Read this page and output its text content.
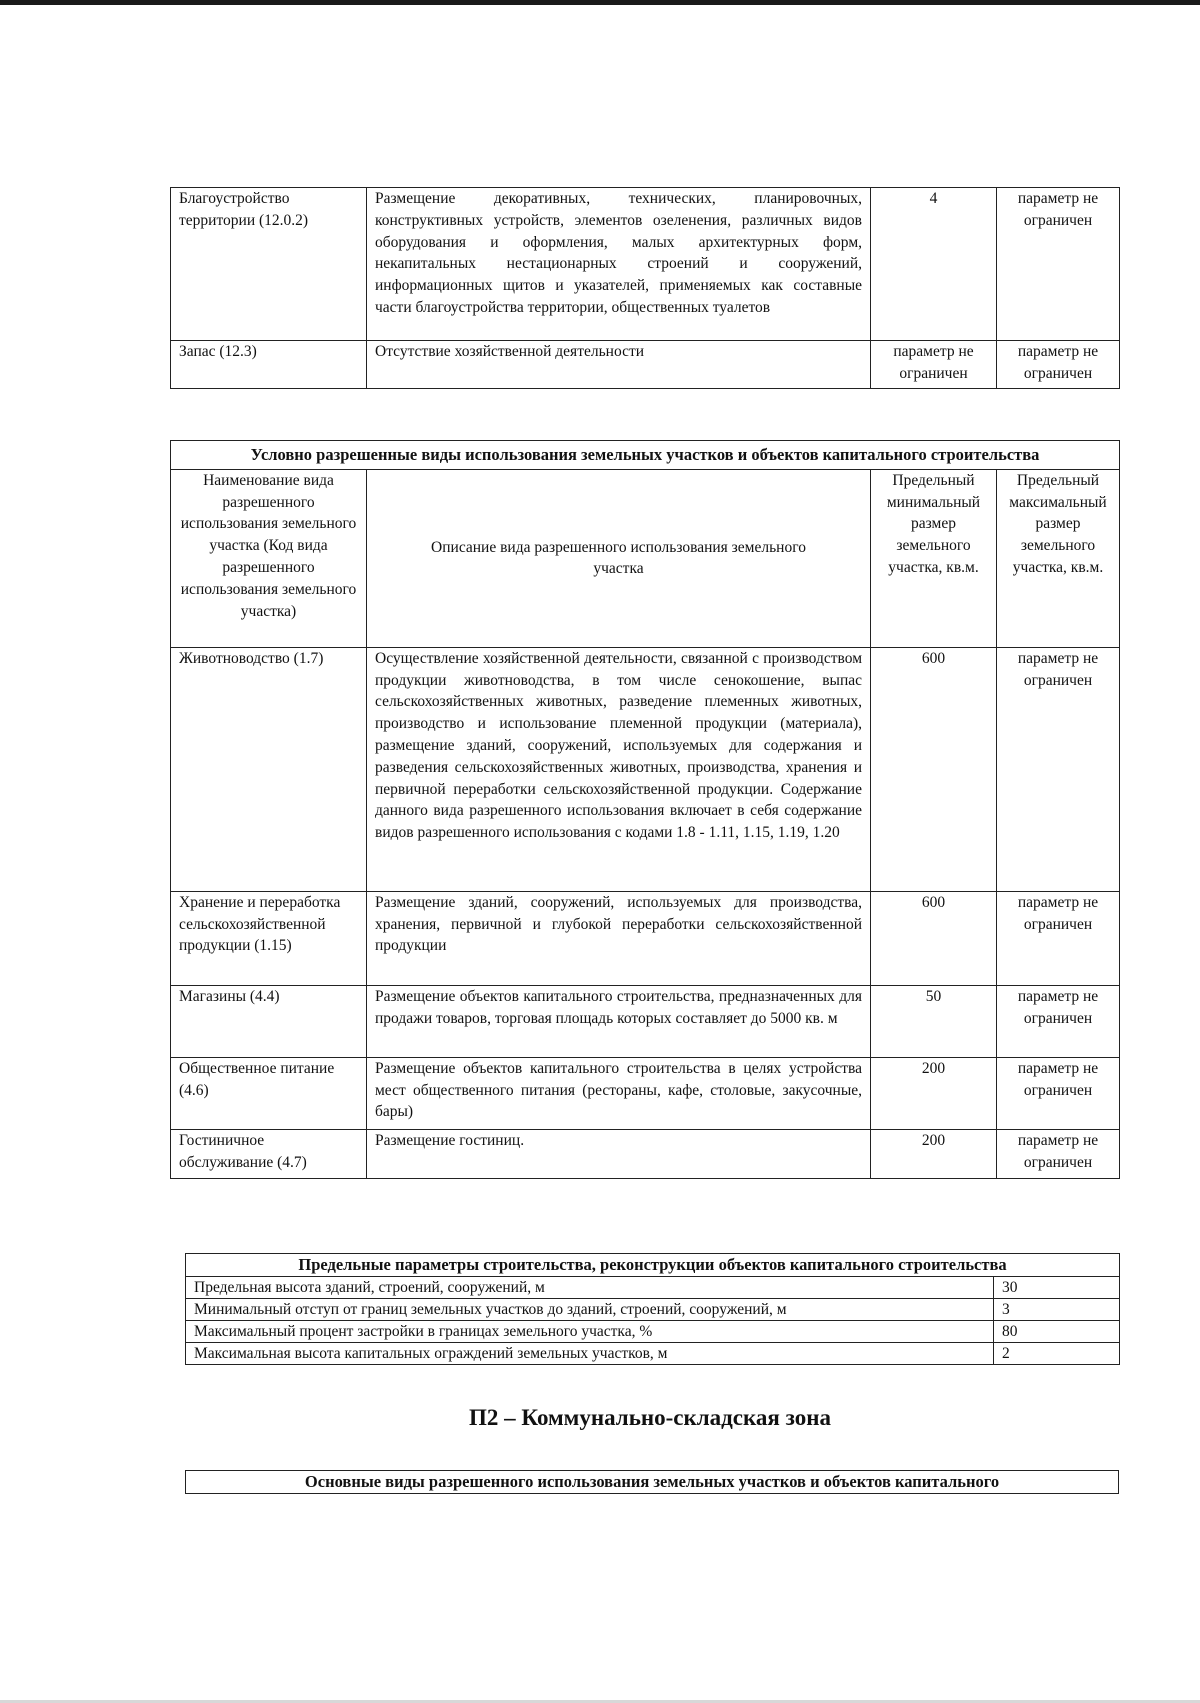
Благоустройство территории (12.0.2)	Размещение декоративных, технических, планировочных, конструктивных устройств, элементов озеленения, различных видов оборудования и оформления, малых архитектурных форм, некапитальных нестационарных строений и сооружений, информационных щитов и указателей, применяемых как составные части благоустройства территории, общественных туалетов	4	параметр не ограничен
Запас (12.3)	Отсутствие хозяйственной деятельности	параметр не ограничен	параметр не ограничен
Условно разрешенные виды использования земельных участков и объектов капитального строительства			
Наименование вида разрешенного использования земельного участка (Код вида разрешенного использования земельного участка)	Описание вида разрешенного использования земельного участка	Предельный минимальный размер земельного участка, кв.м.	Предельный максимальный размер земельного участка, кв.м.
Животноводство (1.7)	Осуществление хозяйственной деятельности, связанной с производством продукции животноводства, в том числе сенокошение, выпас сельскохозяйственных животных, разведение племенных животных, производство и использование племенной продукции (материала), размещение зданий, сооружений, используемых для содержания и разведения сельскохозяйственных животных, производства, хранения и первичной переработки сельскохозяйственной продукции. Содержание данного вида разрешенного использования включает в себя содержание видов разрешенного использования с кодами 1.8 - 1.11, 1.15, 1.19, 1.20	600	параметр не ограничен
Хранение и переработка сельскохозяйственной продукции (1.15)	Размещение зданий, сооружений, используемых для производства, хранения, первичной и глубокой переработки сельскохозяйственной продукции	600	параметр не ограничен
Магазины (4.4)	Размещение объектов капитального строительства, предназначенных для продажи товаров, торговая площадь которых составляет до 5000 кв. м	50	параметр не ограничен
Общественное питание (4.6)	Размещение объектов капитального строительства в целях устройства мест общественного питания (рестораны, кафе, столовые, закусочные, бары)	200	параметр не ограничен
Гостиничное обслуживание (4.7)	Размещение гостиниц.	200	параметр не ограничен
Предельные параметры строительства, реконструкции объектов капитального строительства	
Предельная высота зданий, строений, сооружений, м	30
Минимальный отступ от границ земельных участков до зданий, строений, сооружений, м	3
Максимальный процент застройки в границах земельного участка, %	80
Максимальная высота капитальных ограждений земельных участков, м	2
П2 – Коммунально-складская зона
Основные виды разрешенного использования земельных участков и объектов капитального
